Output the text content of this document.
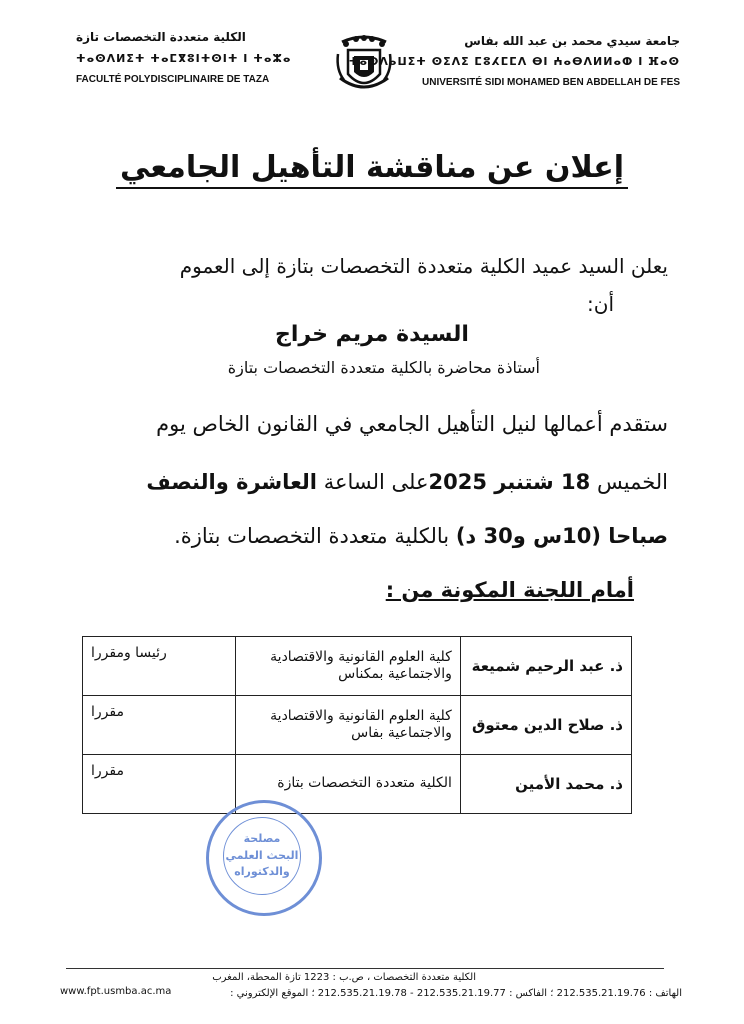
الكلية متعددة التخصصات تازة
ⵜⴰⵙⴷⵍⵉⵜ ⵜⴰⵎⴳⵓⵏⵜⵙⵏⵜ ⵏ ⵜⴰⵣⴰ
FACULTÉ POLYDISCIPLINAIRE DE TAZA
جامعة سيدي محمد بن عبد الله بفاس
ⵜⴰⵙⴷⴰⵡⵉⵜ ⵙⵉⴷⵉ ⵎⵓⵃⵎⵎⴷ ⴱⵏ ⵄⴰⴱⴷⵍⵍⴰⵀ ⵏ ⴼⴰⵙ
UNIVERSITÉ SIDI MOHAMED BEN ABDELLAH DE FES
إعلان عن مناقشة التأهيل الجامعي
يعلن السيد عميد الكلية متعددة التخصصات بتازة إلى العموم
أن:
السيدة مريم خراج
أستاذة محاضرة بالكلية متعددة التخصصات بتازة
ستقدم أعمالها لنيل التأهيل الجامعي في القانون الخاص يوم
الخميس 18 شتنبر 2025على الساعة العاشرة والنصف
صباحا (10س و30 د) بالكلية متعددة التخصصات بتازة.
أمام اللجنة المكونة من :
ذ. عبد الرحيم شميعة	كلية العلوم القانونية والاقتصادية والاجتماعية بمكناس	رئيسا ومقررا
ذ. صلاح الدين معتوق	كلية العلوم القانونية والاقتصادية والاجتماعية بفاس	مقررا
ذ. محمد الأمين	الكلية متعددة التخصصات بتازة	مقررا
مصلحة
البحث العلمي
والدكتوراه
الكلية متعددة التخصصات ، ص.ب : 1223 تازة المحطة، المغرب
الهاتف : 212.535.21.19.76 ؛ الفاكس : 212.535.21.19.77 - 212.535.21.19.78 ؛ الموقع الإلكتروني :
www.fpt.usmba.ac.ma
